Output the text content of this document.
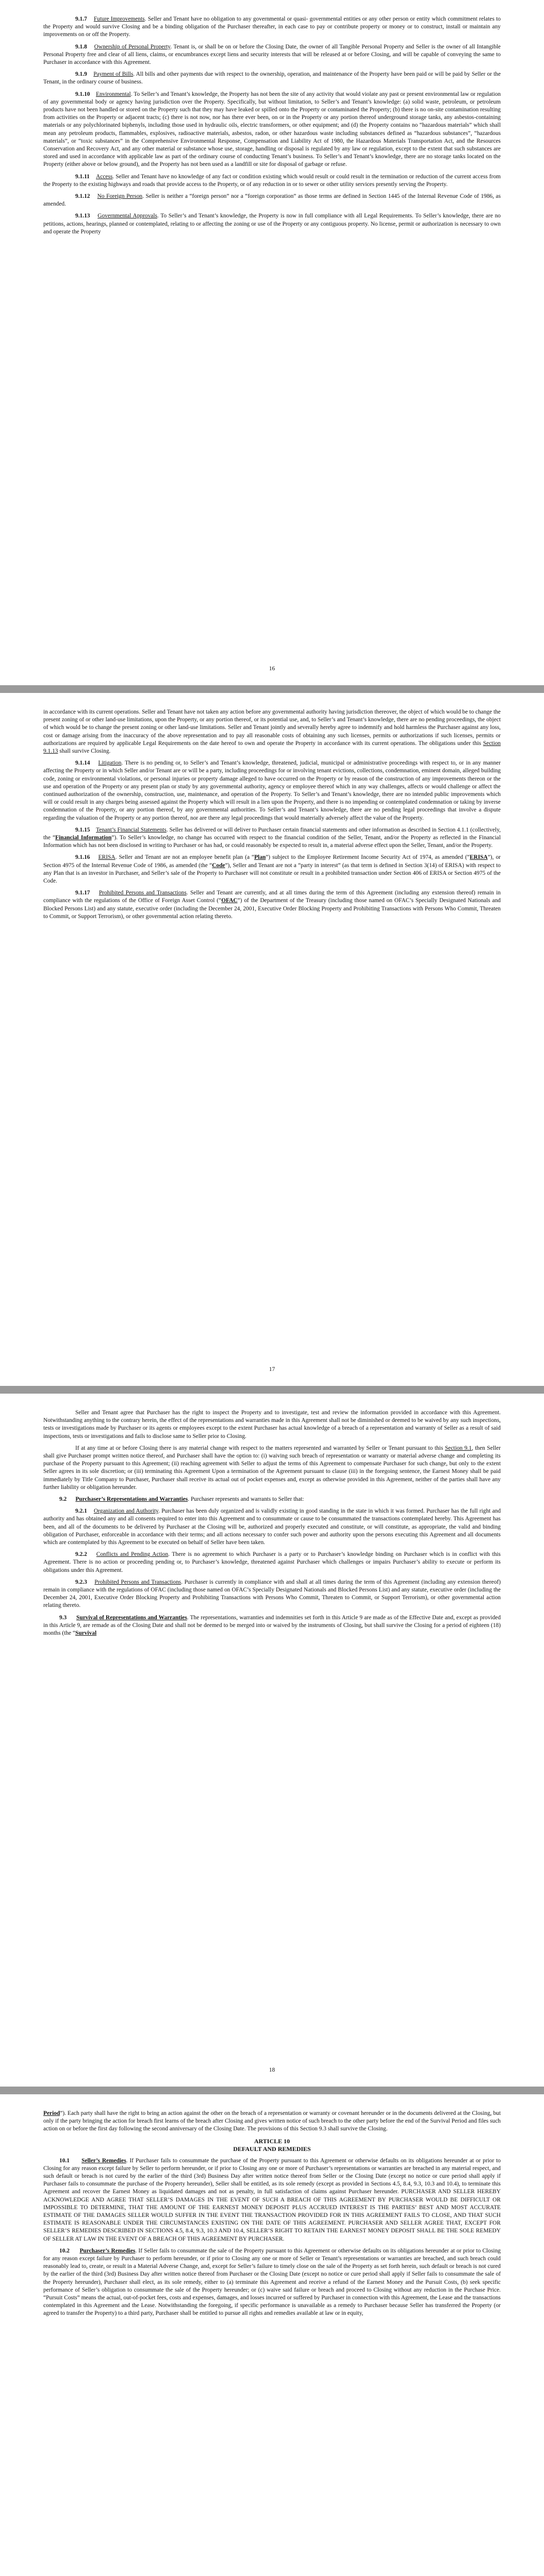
9.1.7 Future Improvements. Seller and Tenant have no obligation to any governmental or quasi- governmental entities or any other person or entity which commitment relates to the Property and would survive Closing and be a binding obligation of the Purchaser thereafter, in each case to pay or contribute property or money or to construct, install or maintain any improvements on or off the Property.

9.1.8 Ownership of Personal Property. Tenant is, or shall be on or before the Closing Date, the owner of all Tangible Personal Property and Seller is the owner of all Intangible Personal Property free and clear of all liens, claims, or encumbrances except liens and security interests that will be released at or before Closing, and will be capable of conveying the same to Purchaser in accordance with this Agreement.

9.1.9 Payment of Bills. All bills and other payments due with respect to the ownership, operation, and maintenance of the Property have been paid or will be paid by Seller or the Tenant, in the ordinary course of business.

9.1.10 Environmental. To Seller’s and Tenant’s knowledge, the Property has not been the site of any activity that would violate any past or present environmental law or regulation of any governmental body or agency having jurisdiction over the Property. Specifically, but without limitation, to Seller’s and Tenant’s knowledge: (a) solid waste, petroleum, or petroleum products have not been handled or stored on the Property such that they may have leaked or spilled onto the Property or contaminated the Property; (b) there is no on-site contamination resulting from activities on the Property or adjacent tracts; (c) there is not now, nor has there ever been, on or in the Property or any portion thereof underground storage tanks, any asbestos-containing materials or any polychlorinated biphenyls, including those used in hydraulic oils, electric transformers, or other equipment; and (d) the Property contains no “hazardous materials” which shall mean any petroleum products, flammables, explosives, radioactive materials, asbestos, radon, or other hazardous waste including substances defined as “hazardous substances”, “hazardous materials”, or “toxic substances” in the Comprehensive Environmental Response, Compensation and Liability Act of 1980, the Hazardous Materials Transportation Act, and the Resources Conservation and Recovery Act, and any other material or substance whose use, storage, handling or disposal is regulated by any law or regulation, except to the extent that such substances are stored and used in accordance with applicable law as part of the ordinary course of conducting Tenant’s business. To Seller’s and Tenant’s knowledge, there are no storage tanks located on the Property (either above or below ground), and the Property has not been used as a landfill or site for disposal of garbage or refuse.

9.1.11 Access. Seller and Tenant have no knowledge of any fact or condition existing which would result or could result in the termination or reduction of the current access from the Property to the existing highways and roads that provide access to the Property, or of any reduction in or to sewer or other utility services presently serving the Property.

9.1.12 No Foreign Person. Seller is neither a “foreign person” nor a “foreign corporation” as those terms are defined in Section 1445 of the Internal Revenue Code of 1986, as amended.

9.1.13 Governmental Approvals. To Seller’s and Tenant’s knowledge, the Property is now in full compliance with all Legal Requirements. To Seller’s knowledge, there are no petitions, actions, hearings, planned or contemplated, relating to or affecting the zoning or use of the Property or any contiguous property. No license, permit or authorization is necessary to own and operate the Property

16

in accordance with its current operations. Seller and Tenant have not taken any action before any governmental authority having jurisdiction thereover, the object of which would be to change the present zoning of or other land-use limitations, upon the Property, or any portion thereof, or its potential use, and, to Seller’s and Tenant’s knowledge, there are no pending proceedings, the object of which would be to change the present zoning or other land-use limitations. Seller and Tenant jointly and severally hereby agree to indemnify and hold harmless the Purchaser against any loss, cost or damage arising from the inaccuracy of the above representation and to pay all reasonable costs of obtaining any such licenses, permits or authorizations if such licenses, permits or authorizations are required by applicable Legal Requirements on the date hereof to own and operate the Property in accordance with its current operations. The obligations under this Section 9.1.13 shall survive Closing.

9.1.14 Litigation. There is no pending or, to Seller’s and Tenant’s knowledge, threatened, judicial, municipal or administrative proceedings with respect to, or in any manner affecting the Property or in which Seller and/or Tenant are or will be a party, including proceedings for or involving tenant evictions, collections, condemnation, eminent domain, alleged building code, zoning or environmental violations, or personal injuries or property damage alleged to have occurred on the Property or by reason of the construction of any improvements thereon or the use and operation of the Property or any present plan or study by any governmental authority, agency or employee thereof which in any way challenges, affects or would challenge or affect the continued authorization of the ownership, construction, use, maintenance, and operation of the Property. To Seller’s and Tenant’s knowledge, there are no intended public improvements which will or could result in any charges being assessed against the Property which will result in a lien upon the Property, and there is no impending or contemplated condemnation or taking by inverse condemnation of the Property, or any portion thereof, by any governmental authorities. To Seller’s and Tenant’s knowledge, there are no pending legal proceedings that involve a dispute regarding the valuation of the Property or any portion thereof, nor are there any legal proceedings that would materially adversely affect the value of the Property.

9.1.15 Tenant’s Financial Statements. Seller has delivered or will deliver to Purchaser certain financial statements and other information as described in Section 4.1.1 (collectively, the “Financial Information”). To Seller’s knowledge, no change has occurred with respect to the financial condition of the Seller, Tenant, and/or the Property as reflected in the Financial Information which has not been disclosed in writing to Purchaser or has had, or could reasonably be expected to result in, a material adverse effect upon the Seller, Tenant, and/or the Property.

9.1.16 ERISA. Seller and Tenant are not an employee benefit plan (a “Plan”) subject to the Employee Retirement Income Security Act of 1974, as amended (“ERISA”), or Section 4975 of the Internal Revenue Code of 1986, as amended (the “Code”), Seller and Tenant are not a “party in interest” (as that term is defined in Section 3(14) of ERISA) with respect to any Plan that is an investor in Purchaser, and Seller’s sale of the Property to Purchaser will not constitute or result in a prohibited transaction under Section 406 of ERISA or Section 4975 of the Code.

9.1.17 Prohibited Persons and Transactions. Seller and Tenant are currently, and at all times during the term of this Agreement (including any extension thereof) remain in compliance with the regulations of the Office of Foreign Asset Control (“OFAC”) of the Department of the Treasury (including those named on OFAC’s Specially Designated Nationals and Blocked Persons List) and any statute, executive order (including the December 24, 2001, Executive Order Blocking Property and Prohibiting Transactions with Persons Who Commit, Threaten to Commit, or Support Terrorism), or other governmental action relating thereto.

17

Seller and Tenant agree that Purchaser has the right to inspect the Property and to investigate, test and review the information provided in accordance with this Agreement. Notwithstanding anything to the contrary herein, the effect of the representations and warranties made in this Agreement shall not be diminished or deemed to be waived by any such inspections, tests or investigations made by Purchaser or its agents or employees except to the extent Purchaser has actual knowledge of a breach of a representation and warranty of Seller as a result of said inspections, tests or investigations and fails to disclose same to Seller prior to Closing.

If at any time at or before Closing there is any material change with respect to the matters represented and warranted by Seller or Tenant pursuant to this Section 9.1, then Seller shall give Purchaser prompt written notice thereof, and Purchaser shall have the option to: (i) waiving such breach of representation or warranty or material adverse change and completing its purchase of the Property pursuant to this Agreement; (ii) reaching agreement with Seller to adjust the terms of this Agreement to compensate Purchaser for such change, but only to the extent Seller agrees in its sole discretion; or (iii) terminating this Agreement Upon a termination of the Agreement pursuant to clause (iii) in the foregoing sentence, the Earnest Money shall be paid immediately by Title Company to Purchaser, Purchaser shall receive its actual out of pocket expenses and, except as otherwise provided in this Agreement, neither of the parties shall have any further liability or obligation hereunder.

9.2 Purchaser’s Representations and Warranties. Purchaser represents and warrants to Seller that:

9.2.1 Organization and Authority. Purchaser has been duly organized and is validly existing in good standing in the state in which it was formed. Purchaser has the full right and authority and has obtained any and all consents required to enter into this Agreement and to consummate or cause to be consummated the transactions contemplated hereby. This Agreement has been, and all of the documents to be delivered by Purchaser at the Closing will be, authorized and properly executed and constitute, or will constitute, as appropriate, the valid and binding obligation of Purchaser, enforceable in accordance with their terms; and all actions necessary to confer such power and authority upon the persons executing this Agreement and all documents which are contemplated by this Agreement to be executed on behalf of Seller have been taken.

9.2.2 Conflicts and Pending Action. There is no agreement to which Purchaser is a party or to Purchaser’s knowledge binding on Purchaser which is in conflict with this Agreement. There is no action or proceeding pending or, to Purchaser’s knowledge, threatened against Purchaser which challenges or impairs Purchaser’s ability to execute or perform its obligations under this Agreement.

9.2.3 Prohibited Persons and Transactions. Purchaser is currently in compliance with and shall at all times during the term of this Agreement (including any extension thereof) remain in compliance with the regulations of OFAC (including those named on OFAC’s Specially Designated Nationals and Blocked Persons List) and any statute, executive order (including the December 24, 2001, Executive Order Blocking Property and Prohibiting Transactions with Persons Who Commit, Threaten to Commit, or Support Terrorism), or other governmental action relating thereto.

9.3 Survival of Representations and Warranties. The representations, warranties and indemnities set forth in this Article 9 are made as of the Effective Date and, except as provided in this Article 9, are remade as of the Closing Date and shall not be deemed to be merged into or waived by the instruments of Closing, but shall survive the Closing for a period of eighteen (18) months (the “Survival

18

Period”). Each party shall have the right to bring an action against the other on the breach of a representation or warranty or covenant hereunder or in the documents delivered at the Closing, but only if the party bringing the action for breach first learns of the breach after Closing and gives written notice of such breach to the other party before the end of the Survival Period and files such action on or before the first day following the second anniversary of the Closing Date. The provisions of this Section 9.3 shall survive the Closing.

ARTICLE 10

DEFAULT AND REMEDIES

10.1 Seller’s Remedies. If Purchaser fails to consummate the purchase of the Property pursuant to this Agreement or otherwise defaults on its obligations hereunder at or prior to Closing for any reason except failure by Seller to perform hereunder, or if prior to Closing any one or more of Purchaser’s representations or warranties are breached in any material respect, and such default or breach is not cured by the earlier of the third (3rd) Business Day after written notice thereof from Seller or the Closing Date (except no notice or cure period shall apply if Purchaser fails to consummate the purchase of the Property hereunder), Seller shall be entitled, as its sole remedy (except as provided in Sections 4.5, 8.4, 9.3, 10.3 and 10.4), to terminate this Agreement and recover the Earnest Money as liquidated damages and not as penalty, in full satisfaction of claims against Purchaser hereunder. PURCHASER AND SELLER HEREBY ACKNOWLEDGE AND AGREE THAT SELLER’S DAMAGES IN THE EVENT OF SUCH A BREACH OF THIS AGREEMENT BY PURCHASER WOULD BE DIFFICULT OR IMPOSSIBLE TO DETERMINE, THAT THE AMOUNT OF THE EARNEST MONEY DEPOSIT PLUS ACCRUED INTEREST IS THE PARTIES’ BEST AND MOST ACCURATE ESTIMATE OF THE DAMAGES SELLER WOULD SUFFER IN THE EVENT THE TRANSACTION PROVIDED FOR IN THIS AGREEMENT FAILS TO CLOSE, AND THAT SUCH ESTIMATE IS REASONABLE UNDER THE CIRCUMSTANCES EXISTING ON THE DATE OF THIS AGREEMENT. PURCHASER AND SELLER AGREE THAT, EXCEPT FOR SELLER’S REMEDIES DESCRIBED IN SECTIONS 4.5, 8.4, 9.3, 10.3 AND 10.4, SELLER’S RIGHT TO RETAIN THE EARNEST MONEY DEPOSIT SHALL BE THE SOLE REMEDY OF SELLER AT LAW IN THE EVENT OF A BREACH OF THIS AGREEMENT BY PURCHASER.

10.2 Purchaser’s Remedies. If Seller fails to consummate the sale of the Property pursuant to this Agreement or otherwise defaults on its obligations hereunder at or prior to Closing for any reason except failure by Purchaser to perform hereunder, or if prior to Closing any one or more of Seller or Tenant’s representations or warranties are breached, and such breach could reasonably lead to, create, or result in a Material Adverse Change, and, except for Seller’s failure to timely close on the sale of the Property as set forth herein, such default or breach is not cured by the earlier of the third (3rd) Business Day after written notice thereof from Purchaser or the Closing Date (except no notice or cure period shall apply if Seller fails to consummate the sale of the Property hereunder), Purchaser shall elect, as its sole remedy, either to (a) terminate this Agreement and receive a refund of the Earnest Money and the Pursuit Costs, (b) seek specific performance of Seller’s obligation to consummate the sale of the Property hereunder; or (c) waive said failure or breach and proceed to Closing without any reduction in the Purchase Price. “Pursuit Costs” means the actual, out-of-pocket fees, costs and expenses, damages, and losses incurred or suffered by Purchaser in connection with this Agreement, the Lease and the transactions contemplated in this Agreement and the Lease. Notwithstanding the foregoing, if specific performance is unavailable as a remedy to Purchaser because Seller has transferred the Property (or agreed to transfer the Property) to a third party, Purchaser shall be entitled to pursue all rights and remedies available at law or in equity,
